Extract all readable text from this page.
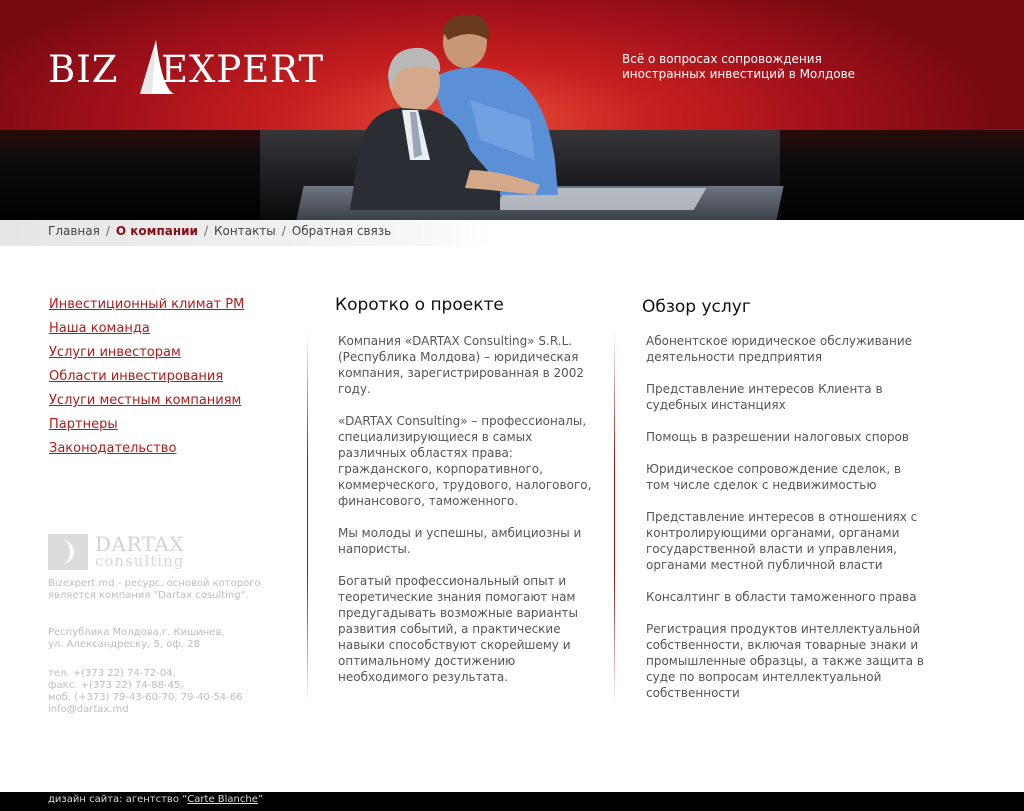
BIZ EXPERT	Всё о вопросах сопровождения
иностранных инвестиций в Молдове
Главная / О компании / Контакты / Обратная связь
Инвестиционный климат РМ
Наша команда
Услуги инвесторам
Области инвестирования
Услуги местным компаниям
Партнеры
Законодательство
DARTAX
consulting
Bizexpert.md - ресурс, основой которого
является компания "Dartax cosulting".
Республика Молдова,г. Кишинев,
ул. Александреску, 5, оф. 28
тел. +(373 22) 74-72-04,
факс. +(373 22) 74-88-45,
моб. (+373) 79-43-60-70, 79-40-54-66
info@dartax.md
Коротко о проекте

Компания «DARTAX Consulting» S.R.L. (Республика Молдова) – юридическая компания, зарегистрированная в 2002 году.

«DARTAX Consulting» – профессионалы, специализирующиеся в самых различных областях права: гражданского, корпоративного, коммерческого, трудового, налогового, финансового, таможенного.

Мы молоды и успешны, амбициозны и напористы.

Богатый профессиональный опыт и теоретические знания помогают нам предугадывать возможные варианты развития событий, а практические навыки способствуют скорейшему и оптимальному достижению необходимого результата.

Обзор услуг

Абонентское юридическое обслуживание деятельности предприятия

Представление интересов Клиента в судебных инстанциях

Помощь в разрешении налоговых споров

Юридическое сопровождение сделок, в том числе сделок с недвижимостью

Представление интересов в отношениях с контролирующими органами, органами государственной власти и управления, органами местной публичной власти

Консалтинг в области таможенного права

Регистрация продуктов интеллектуальной собственности, включая товарные знаки и промышленные образцы, а также защита в суде по вопросам интеллектуальной собственности

дизайн сайта: агентство “Carte Blanche”
